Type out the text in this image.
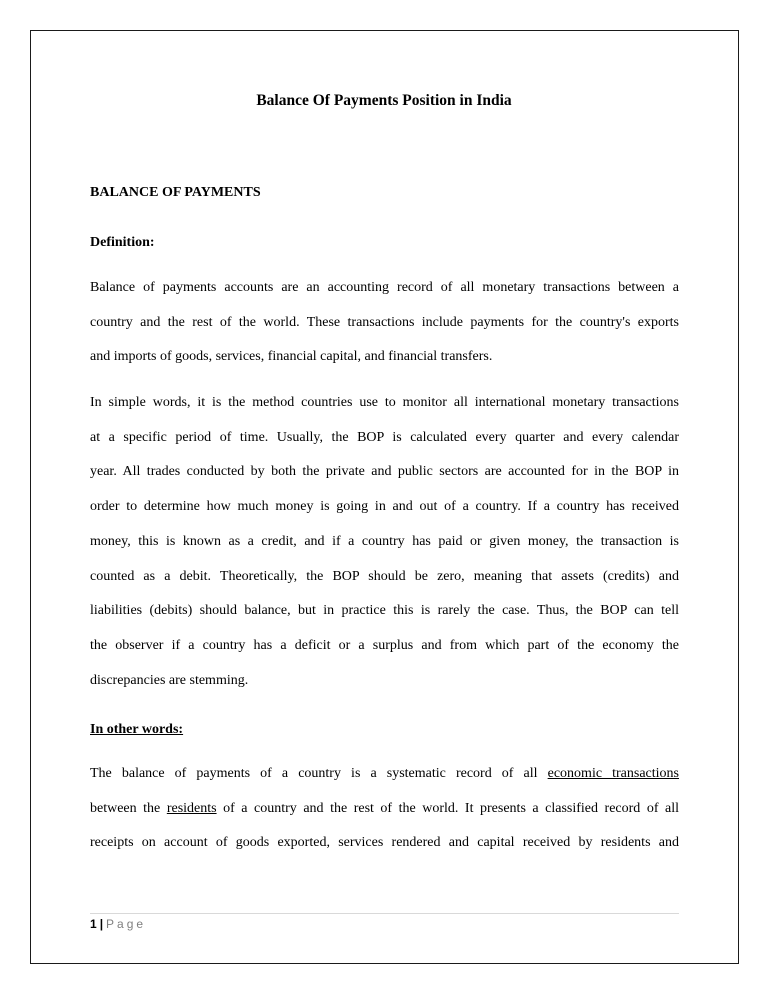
Balance Of Payments Position in India
BALANCE OF PAYMENTS
Definition:
Balance of payments accounts are an accounting record of all monetary transactions between a
country and the rest of the world. These transactions include payments for the country's exports
and imports of goods, services, financial capital, and financial transfers.
In simple words, it is the method countries use to monitor all international monetary transactions
at a specific period of time. Usually, the BOP is calculated every quarter and every calendar
year. All trades conducted by both the private and public sectors are accounted for in the BOP in
order to determine how much money is going in and out of a country. If a country has received
money, this is known as a credit, and if a country has paid or given money, the transaction is
counted as a debit. Theoretically, the BOP should be zero, meaning that assets (credits) and
liabilities (debits) should balance, but in practice this is rarely the case. Thus, the BOP can tell
the observer if a country has a deficit or a surplus and from which part of the economy the
discrepancies are stemming.
In other words:
The balance of payments of a country is a systematic record of all economic transactions
between the residents of a country and the rest of the world. It presents a classified record of all
receipts on account of goods exported, services rendered and capital received by residents and
1 | Page
